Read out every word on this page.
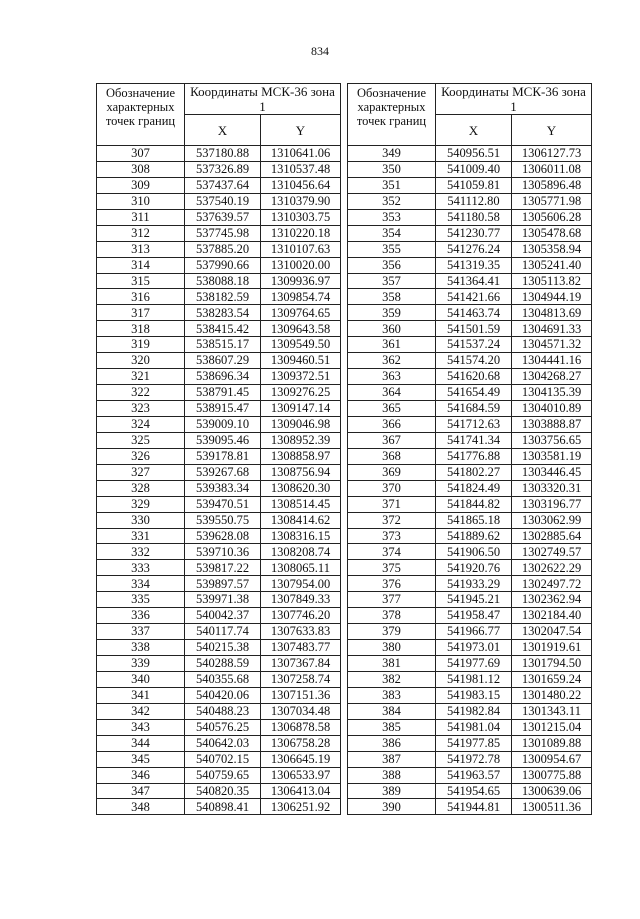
834
Обозначение характерных точек границ	Координаты МСК-36 зона 1	
	X	Y
307	537180.88	1310641.06
308	537326.89	1310537.48
309	537437.64	1310456.64
310	537540.19	1310379.90
311	537639.57	1310303.75
312	537745.98	1310220.18
313	537885.20	1310107.63
314	537990.66	1310020.00
315	538088.18	1309936.97
316	538182.59	1309854.74
317	538283.54	1309764.65
318	538415.42	1309643.58
319	538515.17	1309549.50
320	538607.29	1309460.51
321	538696.34	1309372.51
322	538791.45	1309276.25
323	538915.47	1309147.14
324	539009.10	1309046.98
325	539095.46	1308952.39
326	539178.81	1308858.97
327	539267.68	1308756.94
328	539383.34	1308620.30
329	539470.51	1308514.45
330	539550.75	1308414.62
331	539628.08	1308316.15
332	539710.36	1308208.74
333	539817.22	1308065.11
334	539897.57	1307954.00
335	539971.38	1307849.33
336	540042.37	1307746.20
337	540117.74	1307633.83
338	540215.38	1307483.77
339	540288.59	1307367.84
340	540355.68	1307258.74
341	540420.06	1307151.36
342	540488.23	1307034.48
343	540576.25	1306878.58
344	540642.03	1306758.28
345	540702.15	1306645.19
346	540759.65	1306533.97
347	540820.35	1306413.04
348	540898.41	1306251.92
Обозначение характерных точек границ	Координаты МСК-36 зона 1	
	X	Y
349	540956.51	1306127.73
350	541009.40	1306011.08
351	541059.81	1305896.48
352	541112.80	1305771.98
353	541180.58	1305606.28
354	541230.77	1305478.68
355	541276.24	1305358.94
356	541319.35	1305241.40
357	541364.41	1305113.82
358	541421.66	1304944.19
359	541463.74	1304813.69
360	541501.59	1304691.33
361	541537.24	1304571.32
362	541574.20	1304441.16
363	541620.68	1304268.27
364	541654.49	1304135.39
365	541684.59	1304010.89
366	541712.63	1303888.87
367	541741.34	1303756.65
368	541776.88	1303581.19
369	541802.27	1303446.45
370	541824.49	1303320.31
371	541844.82	1303196.77
372	541865.18	1303062.99
373	541889.62	1302885.64
374	541906.50	1302749.57
375	541920.76	1302622.29
376	541933.29	1302497.72
377	541945.21	1302362.94
378	541958.47	1302184.40
379	541966.77	1302047.54
380	541973.01	1301919.61
381	541977.69	1301794.50
382	541981.12	1301659.24
383	541983.15	1301480.22
384	541982.84	1301343.11
385	541981.04	1301215.04
386	541977.85	1301089.88
387	541972.78	1300954.67
388	541963.57	1300775.88
389	541954.65	1300639.06
390	541944.81	1300511.36
